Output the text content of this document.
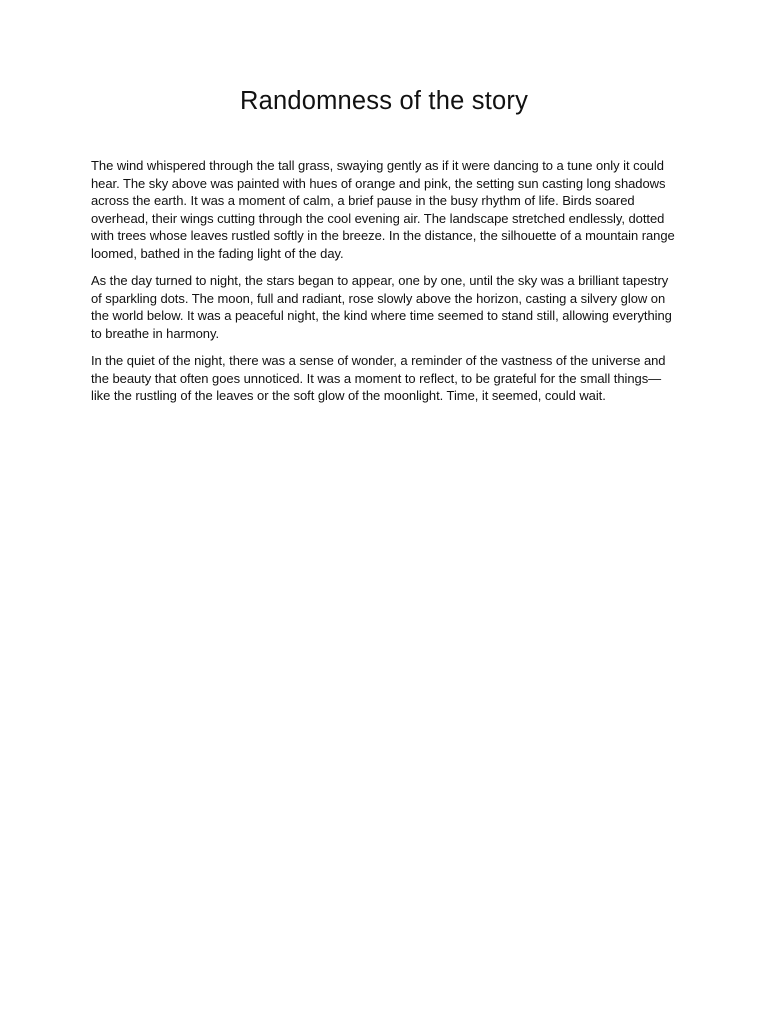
Randomness of the story

The wind whispered through the tall grass, swaying gently as if it were dancing to a tune only it could hear. The sky above was painted with hues of orange and pink, the setting sun casting long shadows across the earth. It was a moment of calm, a brief pause in the busy rhythm of life. Birds soared overhead, their wings cutting through the cool evening air. The landscape stretched endlessly, dotted with trees whose leaves rustled softly in the breeze. In the distance, the silhouette of a mountain range loomed, bathed in the fading light of the day.

As the day turned to night, the stars began to appear, one by one, until the sky was a brilliant tapestry of sparkling dots. The moon, full and radiant, rose slowly above the horizon, casting a silvery glow on the world below. It was a peaceful night, the kind where time seemed to stand still, allowing everything to breathe in harmony.

In the quiet of the night, there was a sense of wonder, a reminder of the vastness of the universe and the beauty that often goes unnoticed. It was a moment to reflect, to be grateful for the small things—like the rustling of the leaves or the soft glow of the moonlight. Time, it seemed, could wait.
